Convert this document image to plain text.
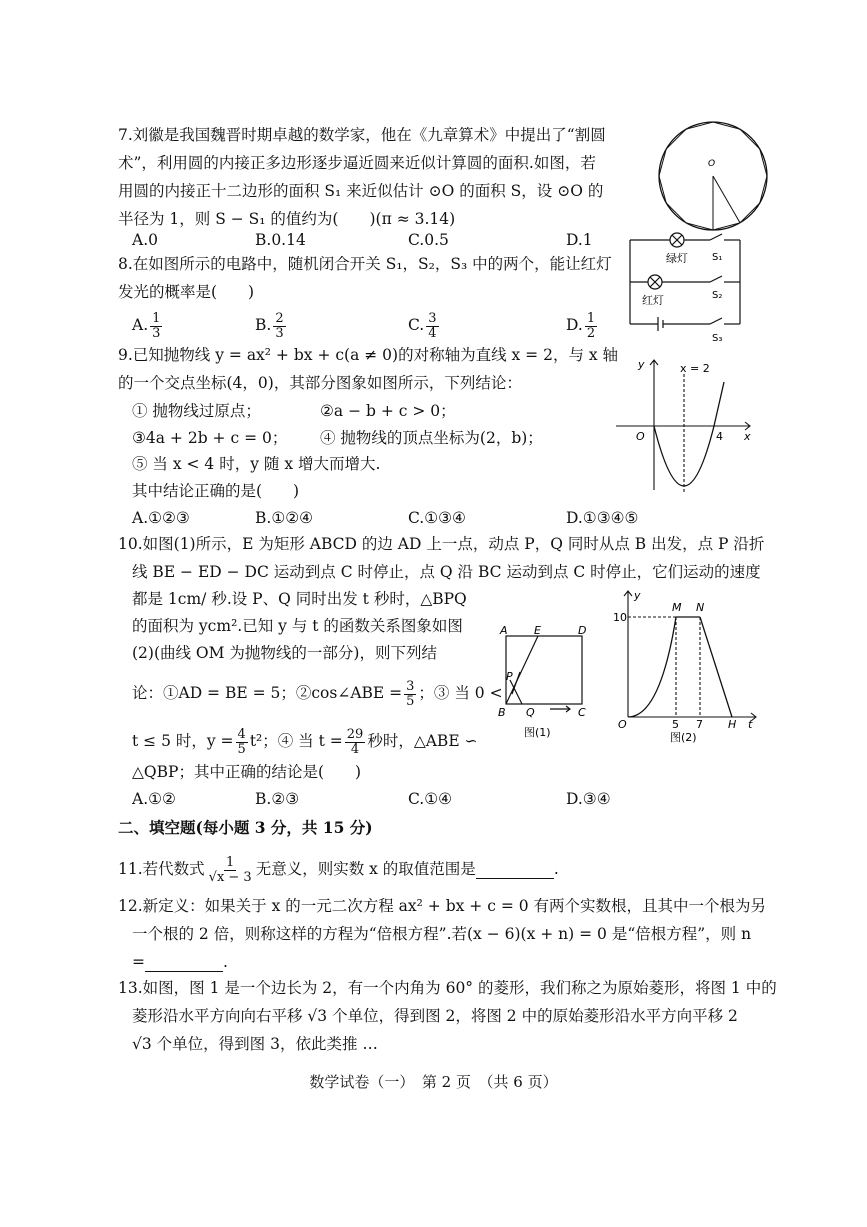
7.刘徽是我国魏晋时期卓越的数学家，他在《九章算术》中提出了“割圆
术”，利用圆的内接正多边形逐步逼近圆来近似计算圆的面积.如图，若
用圆的内接正十二边形的面积 S₁ 来近似估计 ⊙O 的面积 S，设 ⊙O 的
半径为 1，则 S − S₁ 的值约为(　　)(π ≈ 3.14)
A.0	B.0.14	C.0.5	D.1
O
8.在如图所示的电路中，随机闭合开关 S₁，S₂，S₃ 中的两个，能让红灯
发光的概率是(　　)
A. $\frac{1}{3}$	B. $\frac{2}{3}$	C. $\frac{3}{4}$	D. $\frac{1}{2}$
绿灯
红灯
S₁
S₂
S₃
9.已知抛物线 y = ax² + bx + c(a ≠ 0)的对称轴为直线 x = 2，与 x 轴
的一个交点坐标(4，0)，其部分图象如图所示，下列结论：
① 抛物线过原点；	②a − b + c > 0；
③4a + 2b + c = 0； ④ 抛物线的顶点坐标为(2，b)；
⑤ 当 x < 4 时，y 随 x 增大而增大.
其中结论正确的是(　　)
A.①②③	B.①②④	C.①③④	D.①③④⑤
y	x = 2
O	4 x
10.如图(1)所示，E 为矩形 ABCD 的边 AD 上一点，动点 P，Q 同时从点 B 出发，点 P 沿折
线 BE − ED − DC 运动到点 C 时停止，点 Q 沿 BC 运动到点 C 时停止，它们运动的速度
都是 1cm/ 秒.设 P、Q 同时出发 t 秒时，△BPQ
的面积为 ycm².已知 y 与 t 的函数关系图象如图
(2)(曲线 OM 为抛物线的一部分)，则下列结
论：①AD = BE = 5；②cos∠ABE = $\frac{3}{5}$ ；③ 当 0 <
t ≤ 5 时，$y = \frac{4}{5} t^2$；④ 当 $t = \frac{29}{4}$ 秒时，△ABE ∽
△QBP；其中正确的结论是(　　)
A.①②	B.②③	C.①④	D.③④
A E	D
P
B Q	C
图(1)
y
M N
10
O	5 7 H t
图(2)
二、填空题(每小题 3 分，共 15 分)
11.若代数式 $\frac{1}{√x - 3}$ 无意义，则实数 x 的取值范围是	.
12.新定义：如果关于 x 的一元二次方程 ax² + bx + c = 0 有两个实数根，且其中一个根为另
一个根的 2 倍，则称这样的方程为“倍根方程”.若(x − 6)(x + n) = 0 是“倍根方程”，则 n
=	.
13.如图，图 1 是一个边长为 2，有一个内角为 60° 的菱形，我们称之为原始菱形，将图 1 中的
菱形沿水平方向向右平移 √3 个单位，得到图 2，将图 2 中的原始菱形沿水平方向平移 2
√3 个单位，得到图 3，依此类推 …
数学试卷（一）　第 2 页　（共 6 页）
